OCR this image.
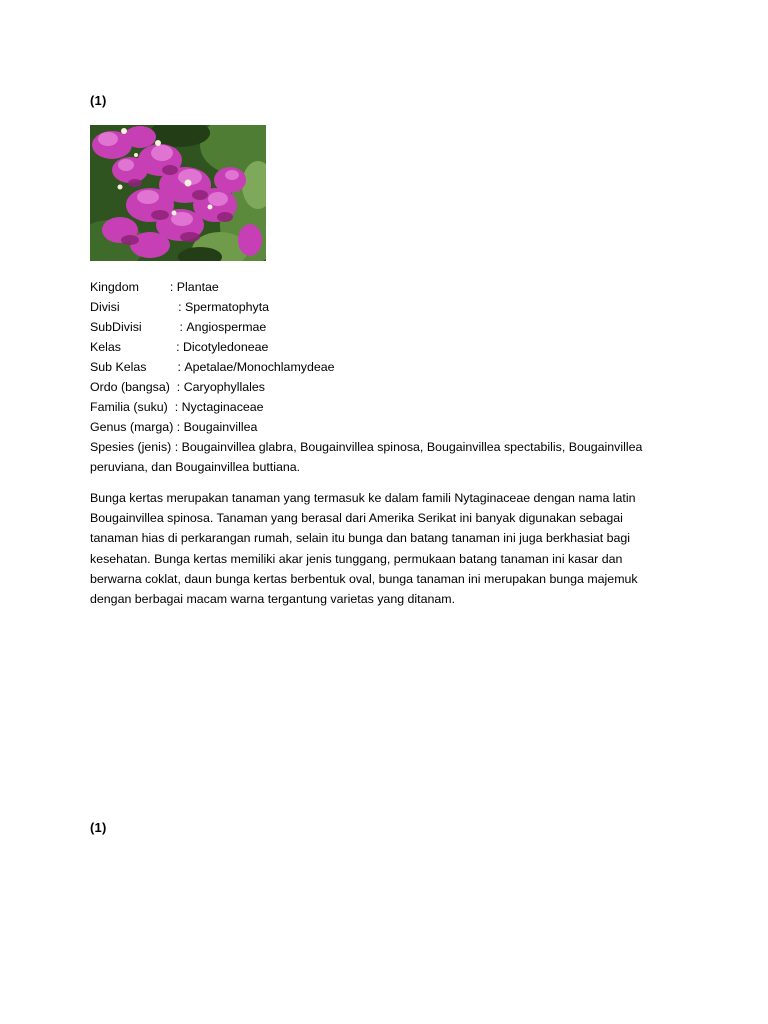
(1)
Kingdom : Plantae
Divisi : Spermatophyta
SubDivisi : Angiospermae
Kelas : Dicotyledoneae
Sub Kelas : Apetalae/Monochlamydeae
Ordo (bangsa) : Caryophyllales
Familia (suku) : Nyctaginaceae
Genus (marga) : Bougainvillea
Spesies (jenis) : Bougainvillea glabra, Bougainvillea spinosa, Bougainvillea spectabilis, Bougainvillea peruviana, dan Bougainvillea buttiana.
Bunga kertas merupakan tanaman yang termasuk ke dalam famili Nytaginaceae dengan nama latin Bougainvillea spinosa. Tanaman yang berasal dari Amerika Serikat ini banyak digunakan sebagai tanaman hias di perkarangan rumah, selain itu bunga dan batang tanaman ini juga berkhasiat bagi kesehatan. Bunga kertas memiliki akar jenis tunggang, permukaan batang tanaman ini kasar dan berwarna coklat, daun bunga kertas berbentuk oval, bunga tanaman ini merupakan bunga majemuk dengan berbagai macam warna tergantung varietas yang ditanam.
(1)
